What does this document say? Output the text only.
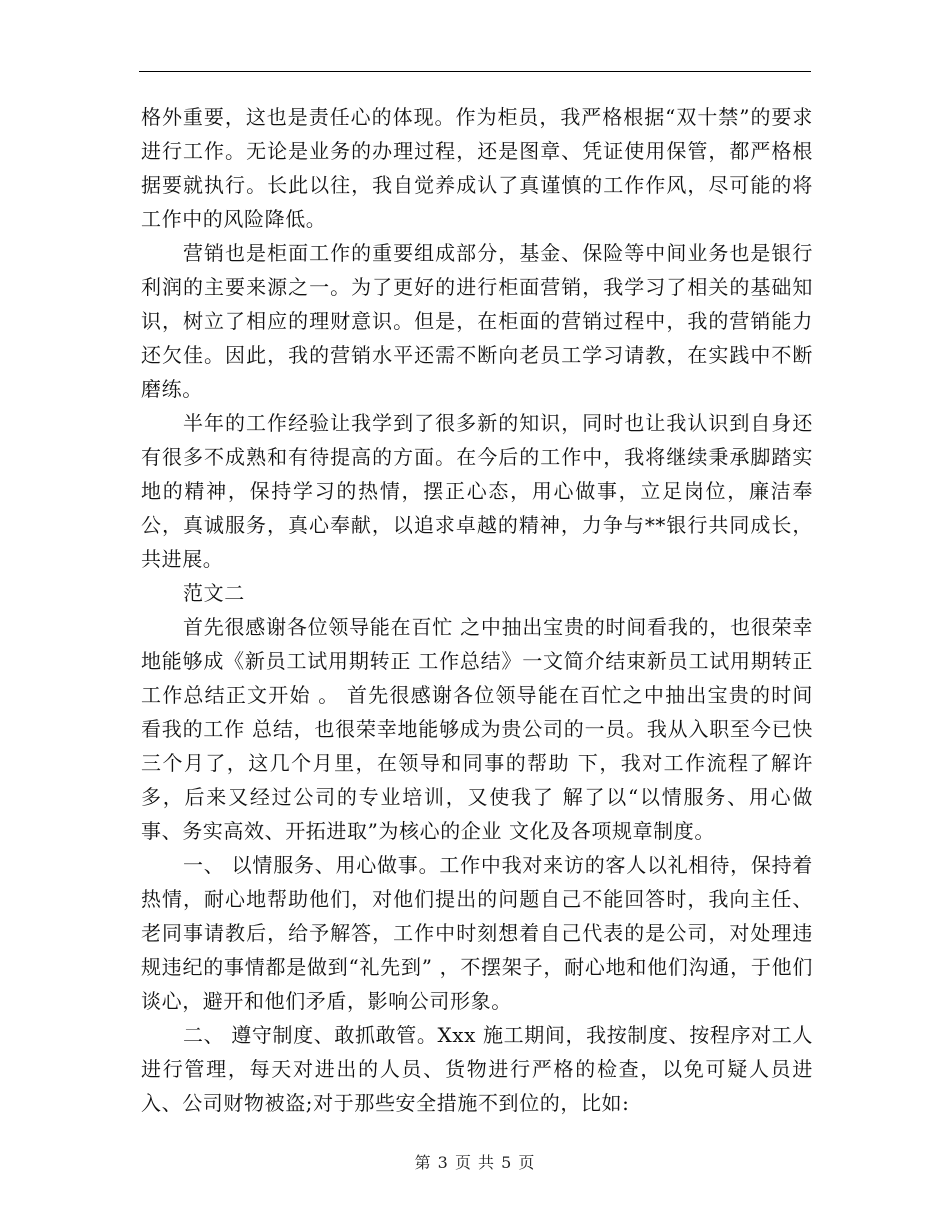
格外重要，这也是责任心的体现。作为柜员，我严格根据“双十禁”的要求进行工作。无论是业务的办理过程，还是图章、凭证使用保管，都严格根据要就执行。长此以往，我自觉养成认了真谨慎的工作作风，尽可能的将工作中的风险降低。

营销也是柜面工作的重要组成部分，基金、保险等中间业务也是银行利润的主要来源之一。为了更好的进行柜面营销，我学习了相关的基础知识，树立了相应的理财意识。但是，在柜面的营销过程中，我的营销能力还欠佳。因此，我的营销水平还需不断向老员工学习请教，在实践中不断磨练。

半年的工作经验让我学到了很多新的知识，同时也让我认识到自身还有很多不成熟和有待提高的方面。在今后的工作中，我将继续秉承脚踏实地的精神，保持学习的热情，摆正心态，用心做事，立足岗位，廉洁奉公，真诚服务，真心奉献，以追求卓越的精神，力争与**银行共同成长，共进展。

范文二

首先很感谢各位领导能在百忙 之中抽出宝贵的时间看我的，也很荣幸地能够成《新员工试用期转正 工作总结》一文简介结束新员工试用期转正工作总结正文开始 。 首先很感谢各位领导能在百忙之中抽出宝贵的时间看我的工作 总结，也很荣幸地能够成为贵公司的一员。我从入职至今已快三个月了，这几个月里，在领导和同事的帮助 下，我对工作流程了解许多，后来又经过公司的专业培训，又使我了 解了以“以情服务、用心做事、务实高效、开拓进取”为核心的企业 文化及各项规章制度。

一、 以情服务、用心做事。工作中我对来访的客人以礼相待，保持着热情，耐心地帮助他们，对他们提出的问题自己不能回答时，我向主任、老同事请教后，给予解答，工作中时刻想着自己代表的是公司，对处理违规违纪的事情都是做到“礼先到” ，不摆架子，耐心地和他们沟通，于他们谈心，避开和他们矛盾，影响公司形象。

二、 遵守制度、敢抓敢管。Xxx 施工期间，我按制度、按程序对工人进行管理，每天对进出的人员、货物进行严格的检查，以免可疑人员进入、公司财物被盗;对于那些安全措施不到位的，比如:

第 3 页 共 5 页
